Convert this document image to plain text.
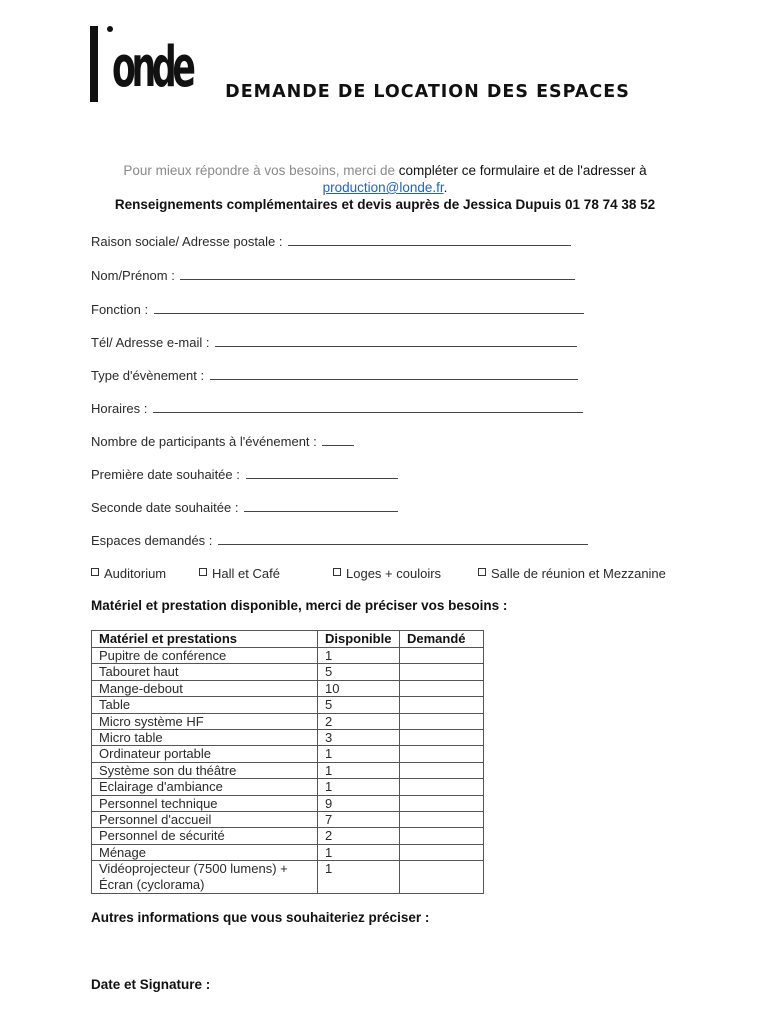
onde	DEMANDE DE LOCATION DES ESPACES
Pour mieux répondre à vos besoins, merci de compléter ce formulaire et de l'adresser à
production@londe.fr.
Renseignements complémentaires et devis auprès de Jessica Dupuis 01 78 74 38 52
Raison sociale/ Adresse postale :
Nom/Prénom :
Fonction :
Tél/ Adresse e-mail :
Type d'évènement :
Horaires :
Nombre de participants à l'événement :
Première date souhaitée :
Seconde date souhaitée :
Espaces demandés :
Auditorium	Hall et Café	Loges + couloirs	Salle de réunion et Mezzanine

Matériel et prestation disponible, merci de préciser vos besoins :

Matériel et prestations	Disponible	Demandé
Pupitre de conférence	1	
Tabouret haut	5	
Mange-debout	10	
Table	5	
Micro système HF	2	
Micro table	3	
Ordinateur portable	1	
Système son du théâtre	1	
Eclairage d'ambiance	1	
Personnel technique	9	
Personnel d'accueil	7	
Personnel de sécurité	2	
Ménage	1	
Vidéoprojecteur (7500 lumens) + Écran (cyclorama)	1	

Autres informations que vous souhaiteriez préciser :

Date et Signature :
